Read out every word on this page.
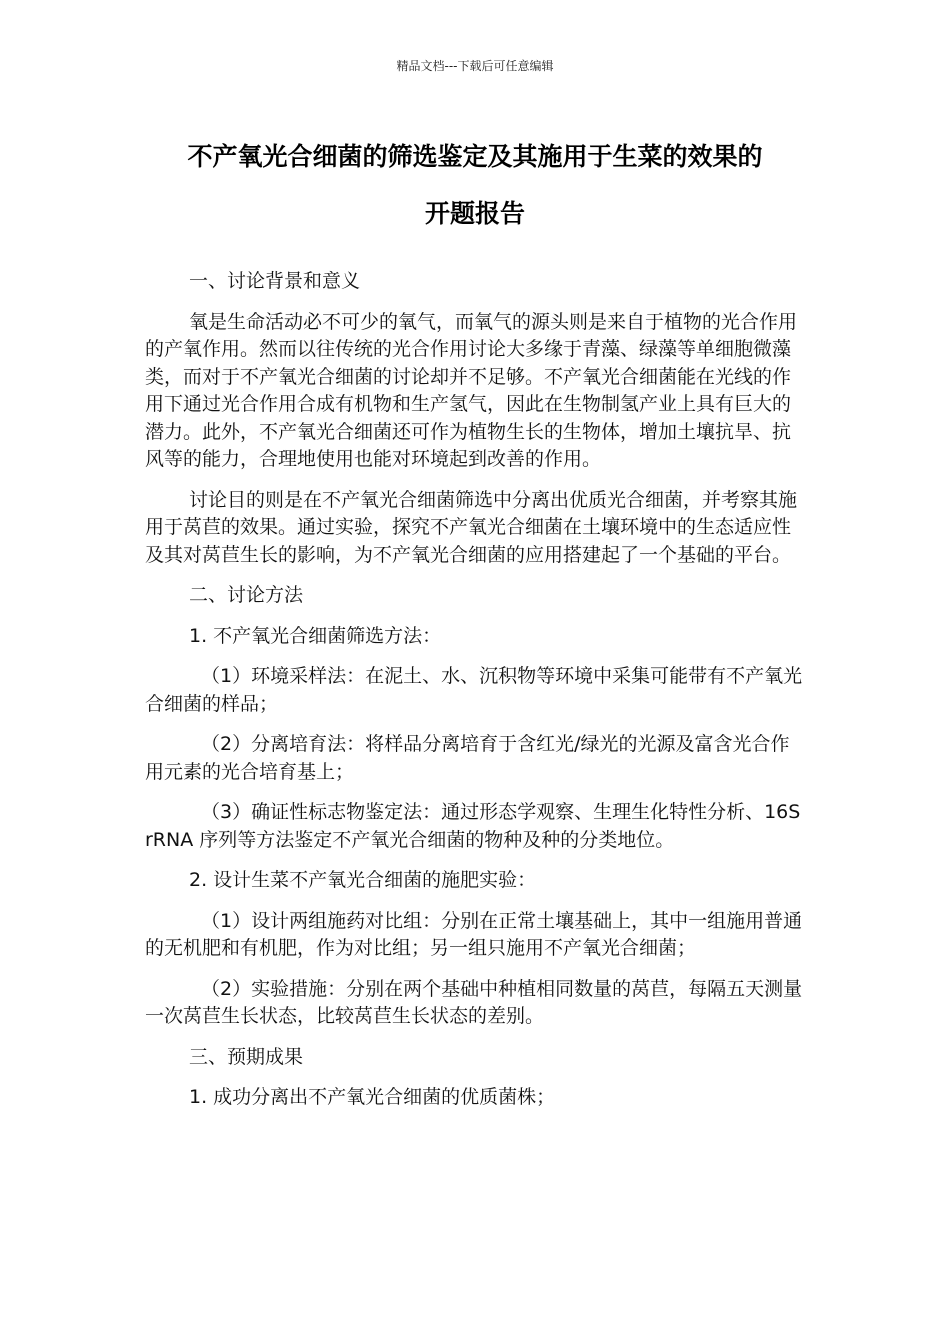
精品文档---下载后可任意编辑
不产氧光合细菌的筛选鉴定及其施用于生菜的效果的
开题报告

一、讨论背景和意义

氧是生命活动必不可少的氧气，而氧气的源头则是来自于植物的光合作用的产氧作用。然而以往传统的光合作用讨论大多缘于青藻、绿藻等单细胞微藻类，而对于不产氧光合细菌的讨论却并不足够。不产氧光合细菌能在光线的作用下通过光合作用合成有机物和生产氢气，因此在生物制氢产业上具有巨大的潜力。此外，不产氧光合细菌还可作为植物生长的生物体，增加土壤抗旱、抗风等的能力，合理地使用也能对环境起到改善的作用。

讨论目的则是在不产氧光合细菌筛选中分离出优质光合细菌，并考察其施用于莴苣的效果。通过实验，探究不产氧光合细菌在土壤环境中的生态适应性及其对莴苣生长的影响，为不产氧光合细菌的应用搭建起了一个基础的平台。

二、讨论方法

1. 不产氧光合细菌筛选方法：

（1）环境采样法：在泥土、水、沉积物等环境中采集可能带有不产氧光合细菌的样品；

（2）分离培育法：将样品分离培育于含红光/绿光的光源及富含光合作用元素的光合培育基上；

（3）确证性标志物鉴定法：通过形态学观察、生理生化特性分析、16S rRNA 序列等方法鉴定不产氧光合细菌的物种及种的分类地位。

2. 设计生菜不产氧光合细菌的施肥实验：

（1）设计两组施药对比组：分别在正常土壤基础上，其中一组施用普通的无机肥和有机肥，作为对比组；另一组只施用不产氧光合细菌；

（2）实验措施：分别在两个基础中种植相同数量的莴苣，每隔五天测量一次莴苣生长状态，比较莴苣生长状态的差别。

三、预期成果

1. 成功分离出不产氧光合细菌的优质菌株；
